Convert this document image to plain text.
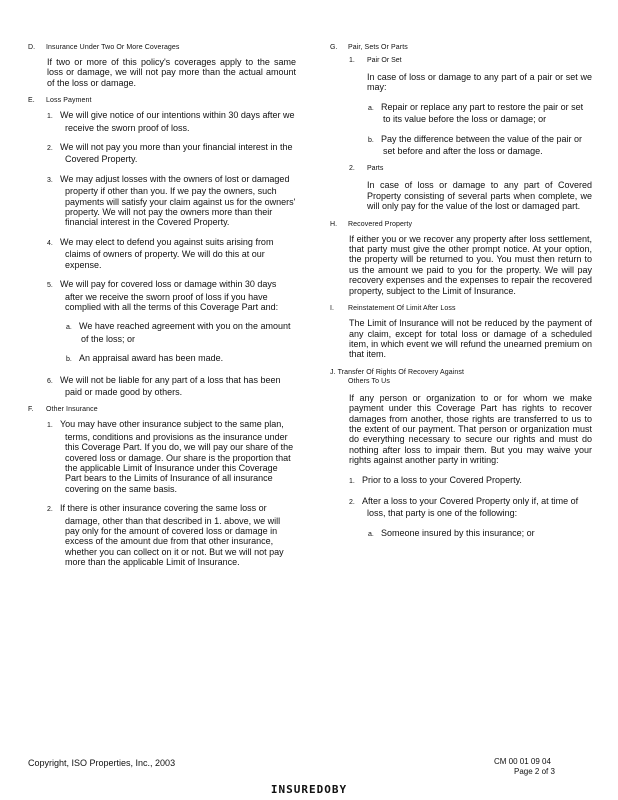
D. Insurance Under Two Or More Coverages
If two or more of this policy's coverages apply to the same loss or damage, we will not pay more than the actual amount of the loss or damage.
E. Loss Payment
1. We will give notice of our intentions within 30 days after we receive the sworn proof of loss.
2. We will not pay you more than your financial interest in the Covered Property.
3. We may adjust losses with the owners of lost or damaged property if other than you. If we pay the owners, such payments will satisfy your claim against us for the owners' property. We will not pay the owners more than their financial interest in the Covered Property.
4. We may elect to defend you against suits arising from claims of owners of property. We will do this at our expense.
5. We will pay for covered loss or damage within 30 days after we receive the sworn proof of loss if you have complied with all the terms of this Coverage Part and:
a. We have reached agreement with you on the amount of the loss; or
b. An appraisal award has been made.
6. We will not be liable for any part of a loss that has been paid or made good by others.
F. Other Insurance
1. You may have other insurance subject to the same plan, terms, conditions and provisions as the insurance under this Coverage Part. If you do, we will pay our share of the covered loss or damage. Our share is the proportion that the applicable Limit of Insurance under this Coverage Part bears to the Limits of Insurance of all insurance covering on the same basis.
2. If there is other insurance covering the same loss or damage, other than that described in 1. above, we will pay only for the amount of covered loss or damage in excess of the amount due from that other insurance, whether you can collect on it or not. But we will not pay more than the applicable Limit of Insurance.
G. Pair, Sets Or Parts
1. Pair Or Set
In case of loss or damage to any part of a pair or set we may:
a. Repair or replace any part to restore the pair or set to its value before the loss or damage; or
b. Pay the difference between the value of the pair or set before and after the loss or damage.
2. Parts
In case of loss or damage to any part of Covered Property consisting of several parts when complete, we will only pay for the value of the lost or damaged part.
H. Recovered Property
If either you or we recover any property after loss settlement, that party must give the other prompt notice. At your option, the property will be returned to you. You must then return to us the amount we paid to you for the property. We will pay recovery expenses and the expenses to repair the recovered property, subject to the Limit of Insurance.
I. Reinstatement Of Limit After Loss
The Limit of Insurance will not be reduced by the payment of any claim, except for total loss or damage of a scheduled item, in which event we will refund the unearned premium on that item.
J. Transfer Of Rights Of Recovery Against
Others To Us
If any person or organization to or for whom we make payment under this Coverage Part has rights to recover damages from another, those rights are transferred to us to the extent of our payment. That person or organization must do everything necessary to secure our rights and must do nothing after loss to impair them. But you may waive your rights against another party in writing:
1. Prior to a loss to your Covered Property.
2. After a loss to your Covered Property only if, at time of loss, that party is one of the following:
a. Someone insured by this insurance; or
Copyright, ISO Properties, Inc., 2003	CM 00 01 09 04
Page 2 of 3
INSUREDOBY
